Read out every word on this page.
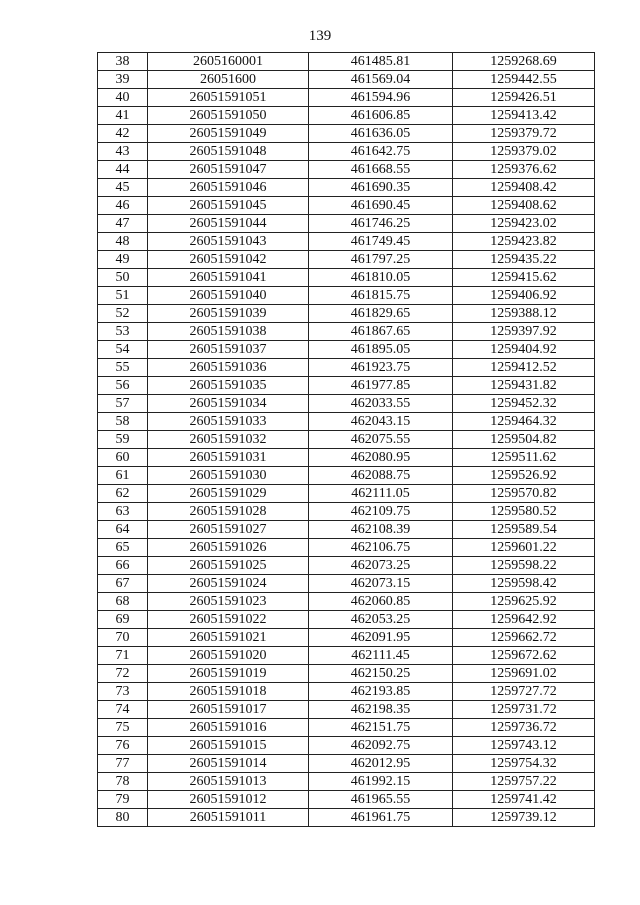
139
38	2605160001	461485.81	1259268.69
39	26051600	461569.04	1259442.55
40	26051591051	461594.96	1259426.51
41	26051591050	461606.85	1259413.42
42	26051591049	461636.05	1259379.72
43	26051591048	461642.75	1259379.02
44	26051591047	461668.55	1259376.62
45	26051591046	461690.35	1259408.42
46	26051591045	461690.45	1259408.62
47	26051591044	461746.25	1259423.02
48	26051591043	461749.45	1259423.82
49	26051591042	461797.25	1259435.22
50	26051591041	461810.05	1259415.62
51	26051591040	461815.75	1259406.92
52	26051591039	461829.65	1259388.12
53	26051591038	461867.65	1259397.92
54	26051591037	461895.05	1259404.92
55	26051591036	461923.75	1259412.52
56	26051591035	461977.85	1259431.82
57	26051591034	462033.55	1259452.32
58	26051591033	462043.15	1259464.32
59	26051591032	462075.55	1259504.82
60	26051591031	462080.95	1259511.62
61	26051591030	462088.75	1259526.92
62	26051591029	462111.05	1259570.82
63	26051591028	462109.75	1259580.52
64	26051591027	462108.39	1259589.54
65	26051591026	462106.75	1259601.22
66	26051591025	462073.25	1259598.22
67	26051591024	462073.15	1259598.42
68	26051591023	462060.85	1259625.92
69	26051591022	462053.25	1259642.92
70	26051591021	462091.95	1259662.72
71	26051591020	462111.45	1259672.62
72	26051591019	462150.25	1259691.02
73	26051591018	462193.85	1259727.72
74	26051591017	462198.35	1259731.72
75	26051591016	462151.75	1259736.72
76	26051591015	462092.75	1259743.12
77	26051591014	462012.95	1259754.32
78	26051591013	461992.15	1259757.22
79	26051591012	461965.55	1259741.42
80	26051591011	461961.75	1259739.12
